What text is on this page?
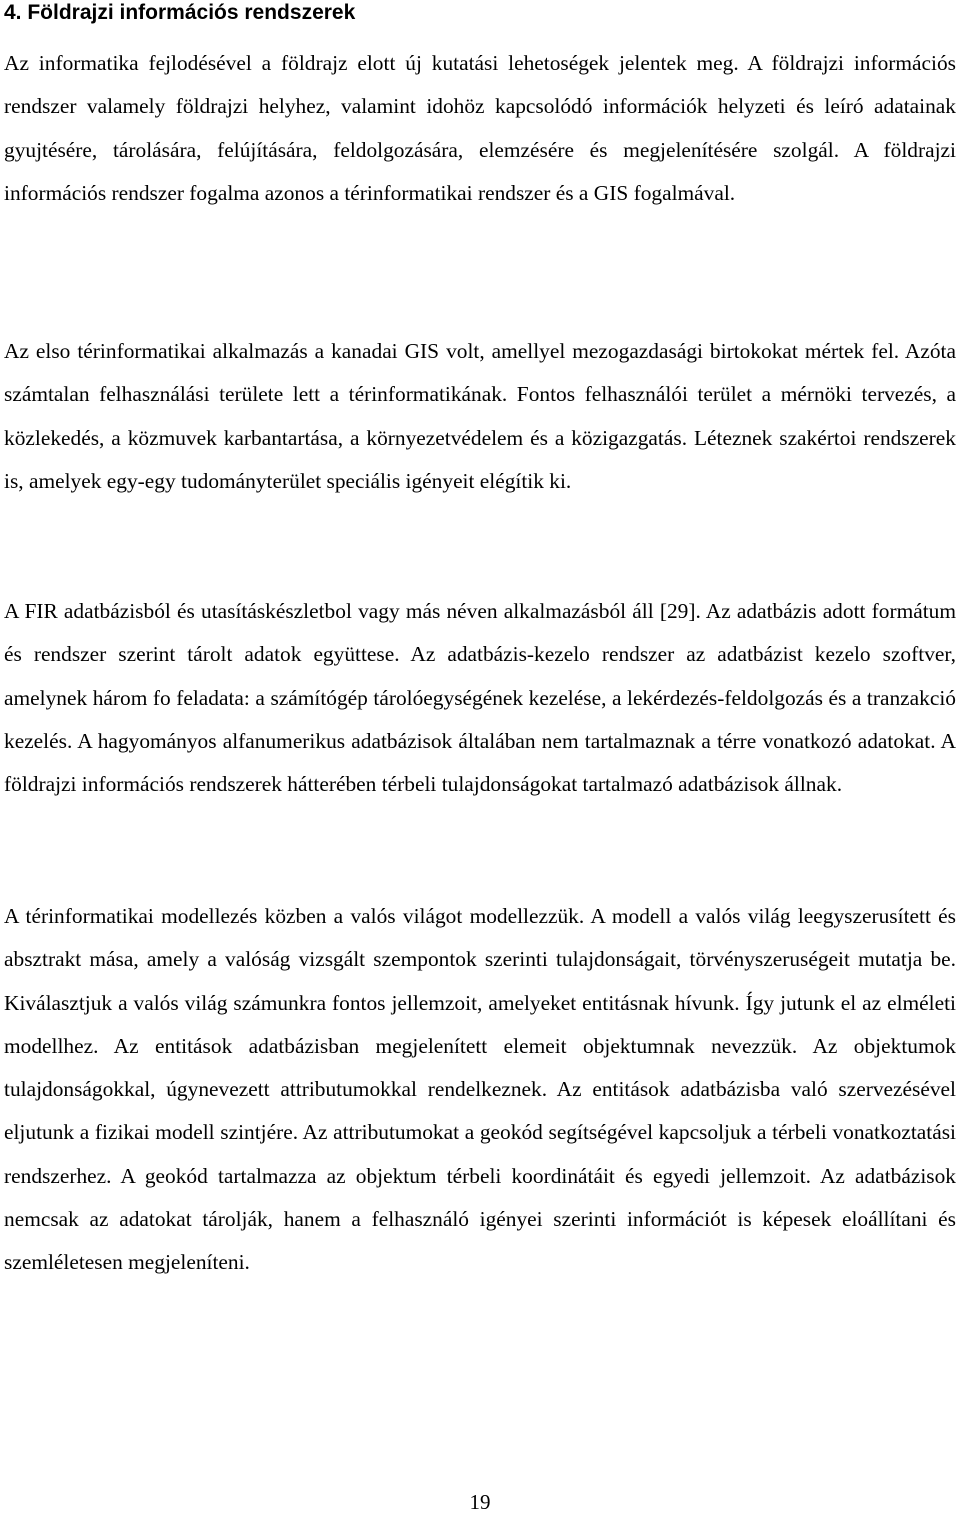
4. Földrajzi információs rendszerek

Az informatika fejlodésével a földrajz elott új kutatási lehetoségek jelentek meg. A földrajzi információs rendszer valamely földrajzi helyhez, valamint idohöz kapcsolódó információk helyzeti és leíró adatainak gyujtésére, tárolására, felújítására, feldolgozására, elemzésére és megjelenítésére szolgál. A földrajzi információs rendszer fogalma azonos a térinformatikai rendszer és a GIS fogalmával.

Az elso térinformatikai alkalmazás a kanadai GIS volt, amellyel mezogazdasági birtokokat mértek fel. Azóta számtalan felhasználási területe lett a térinformatikának. Fontos felhasználói terület a mérnöki tervezés, a közlekedés, a közmuvek karbantartása, a környezetvédelem és a közigazgatás. Léteznek szakértoi rendszerek is, amelyek egy-egy tudományterület speciális igényeit elégítik ki.

A FIR adatbázisból és utasításkészletbol vagy más néven alkalmazásból áll [29]. Az adatbázis adott formátum és rendszer szerint tárolt adatok együttese. Az adatbázis-kezelo rendszer az adatbázist kezelo szoftver, amelynek három fo feladata: a számítógép tárolóegységének kezelése, a lekérdezés-feldolgozás és a tranzakció kezelés. A hagyományos alfanumerikus adatbázisok általában nem tartalmaznak a térre vonatkozó adatokat. A földrajzi információs rendszerek hátterében térbeli tulajdonságokat tartalmazó adatbázisok állnak.

A térinformatikai modellezés közben a valós világot modellezzük. A modell a valós világ leegyszerusített és absztrakt mása, amely a valóság vizsgált szempontok szerinti tulajdonságait, törvényszeruségeit mutatja be. Kiválasztjuk a valós világ számunkra fontos jellemzoit, amelyeket entitásnak hívunk. Így jutunk el az elméleti modellhez. Az entitások adatbázisban megjelenített elemeit objektumnak nevezzük. Az objektumok tulajdonságokkal, úgynevezett attributumokkal rendelkeznek. Az entitások adatbázisba való szervezésével eljutunk a fizikai modell szintjére. Az attributumokat a geokód segítségével kapcsoljuk a térbeli vonatkoztatási rendszerhez. A geokód tartalmazza az objektum térbeli koordinátáit és egyedi jellemzoit. Az adatbázisok nemcsak az adatokat tárolják, hanem a felhasználó igényei szerinti információt is képesek eloállítani és szemléletesen megjeleníteni.

19
